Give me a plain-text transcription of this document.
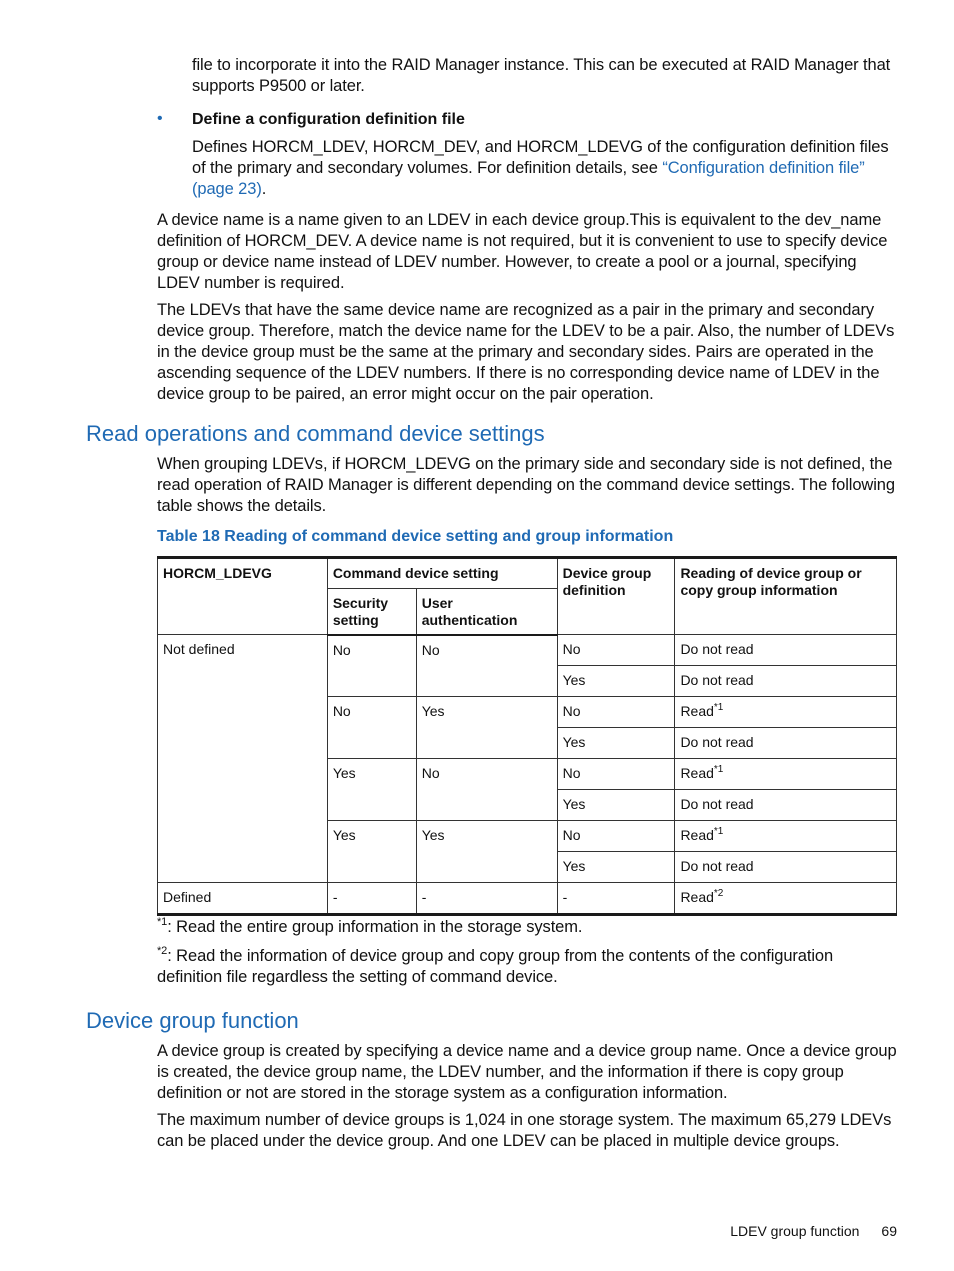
file to incorporate it into the RAID Manager instance. This can be executed at RAID Manager that supports P9500 or later.

• Define a configuration definition file

Defines HORCM_LDEV, HORCM_DEV, and HORCM_LDEVG of the configuration definition files of the primary and secondary volumes. For definition details, see “Configuration definition file” (page 23).

A device name is a name given to an LDEV in each device group.This is equivalent to the dev_name definition of HORCM_DEV. A device name is not required, but it is convenient to use to specify device group or device name instead of LDEV number. However, to create a pool or a journal, specifying LDEV number is required.

The LDEVs that have the same device name are recognized as a pair in the primary and secondary device group. Therefore, match the device name for the LDEV to be a pair. Also, the number of LDEVs in the device group must be the same at the primary and secondary sides. Pairs are operated in the ascending sequence of the LDEV numbers. If there is no corresponding device name of LDEV in the device group to be paired, an error might occur on the pair operation.

Read operations and command device settings

When grouping LDEVs, if HORCM_LDEVG on the primary side and secondary side is not defined, the read operation of RAID Manager is different depending on the command device settings. The following table shows the details.

Table 18 Reading of command device setting and group information
HORCM_LDEVG	Command device setting		Device group definition	Reading of device group or copy group information
	Security setting	User authentication		
Not defined	No	No	No	Do not read
			Yes	Do not read
	No	Yes	No	Read$^{*1}$
			Yes	Do not read
	Yes	No	No	Read$^{*1}$
			Yes	Do not read
	Yes	Yes	No	Read$^{*1}$
			Yes	Do not read
Defined	-	-	-	Read$^{*2}$

$^{*1}$: Read the entire group information in the storage system.

$^{*2}$: Read the information of device group and copy group from the contents of the configuration definition file regardless the setting of command device.

Device group function

A device group is created by specifying a device name and a device group name. Once a device group is created, the device group name, the LDEV number, and the information if there is copy group definition or not are stored in the storage system as a configuration information.

The maximum number of device groups is 1,024 in one storage system. The maximum 65,279 LDEVs can be placed under the device group. And one LDEV can be placed in multiple device groups.

LDEV group function 69
